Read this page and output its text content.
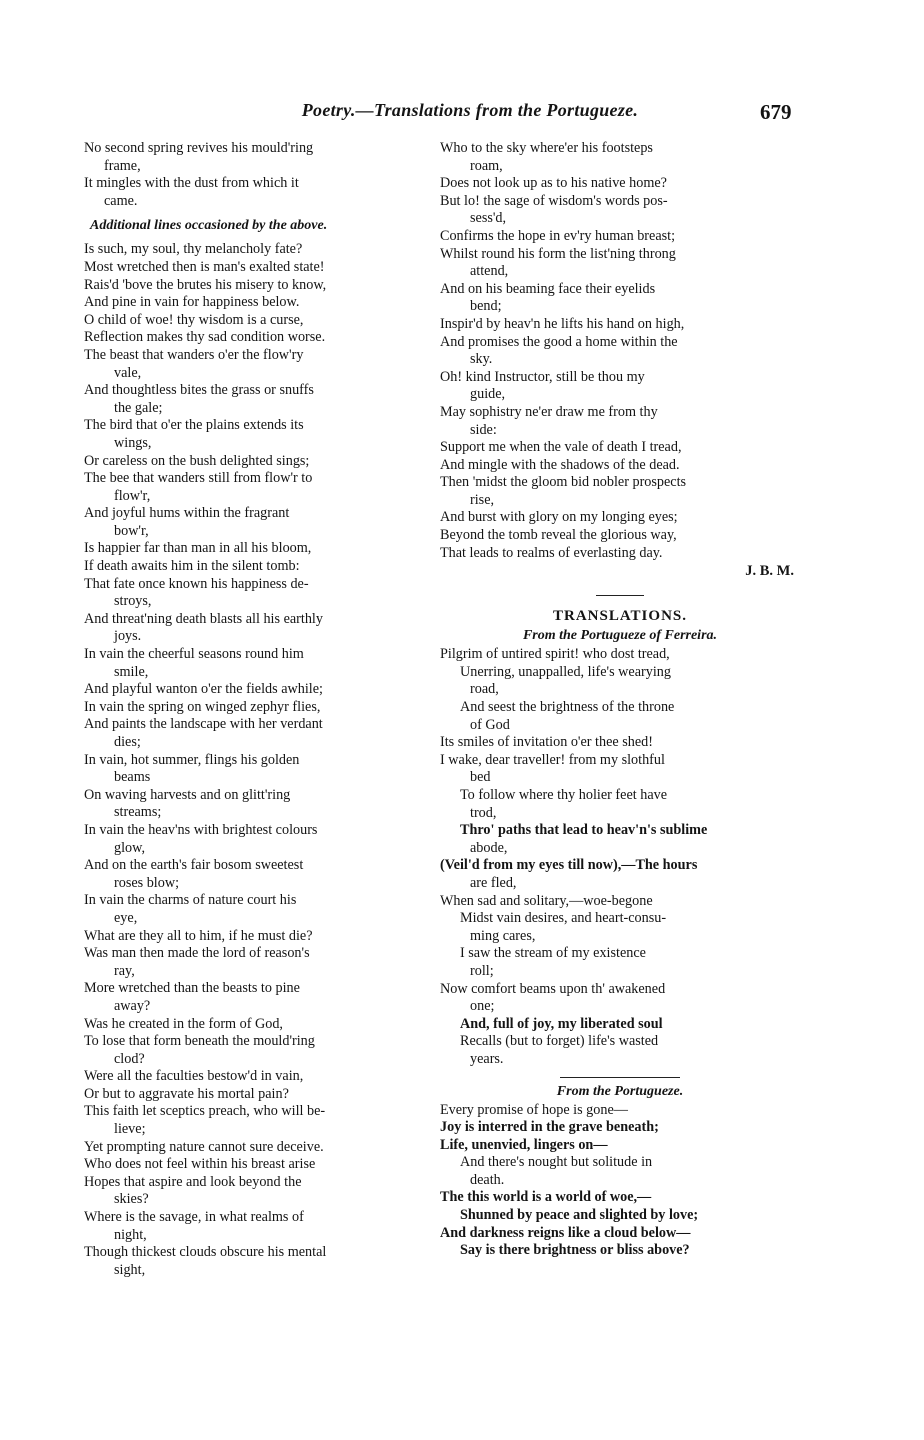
Poetry.—Translations from the Portugueze.	679
No second spring revives his mould'ring
frame,
It mingles with the dust from which it
came.
Additional lines occasioned by the above.
Is such, my soul, thy melancholy fate?
Most wretched then is man's exalted state!
Rais'd 'bove the brutes his misery to know,
And pine in vain for happiness below.
O child of woe! thy wisdom is a curse,
Reflection makes thy sad condition worse.
The beast that wanders o'er the flow'ry
vale,
And thoughtless bites the grass or snuffs
the gale;
The bird that o'er the plains extends its
wings,
Or careless on the bush delighted sings;
The bee that wanders still from flow'r to
flow'r,
And joyful hums within the fragrant
bow'r,
Is happier far than man in all his bloom,
If death awaits him in the silent tomb:
That fate once known his happiness de-
stroys,
And threat'ning death blasts all his earthly
joys.
In vain the cheerful seasons round him
smile,
And playful wanton o'er the fields awhile;
In vain the spring on winged zephyr flies,
And paints the landscape with her verdant
dies;
In vain, hot summer, flings his golden
beams
On waving harvests and on glitt'ring
streams;
In vain the heav'ns with brightest colours
glow,
And on the earth's fair bosom sweetest
roses blow;
In vain the charms of nature court his
eye,
What are they all to him, if he must die?
Was man then made the lord of reason's
ray,
More wretched than the beasts to pine
away?
Was he created in the form of God,
To lose that form beneath the mould'ring
clod?
Were all the faculties bestow'd in vain,
Or but to aggravate his mortal pain?
This faith let sceptics preach, who will be-
lieve;
Yet prompting nature cannot sure deceive.
Who does not feel within his breast arise
Hopes that aspire and look beyond the
skies?
Where is the savage, in what realms of
night,
Though thickest clouds obscure his mental
sight,
Who to the sky where'er his footsteps
roam,
Does not look up as to his native home?
But lo! the sage of wisdom's words pos-
sess'd,
Confirms the hope in ev'ry human breast;
Whilst round his form the list'ning throng
attend,
And on his beaming face their eyelids
bend;
Inspir'd by heav'n he lifts his hand on high,
And promises the good a home within the
sky.
Oh! kind Instructor, still be thou my
guide,
May sophistry ne'er draw me from thy
side:
Support me when the vale of death I tread,
And mingle with the shadows of the dead.
Then 'midst the gloom bid nobler prospects
rise,
And burst with glory on my longing eyes;
Beyond the tomb reveal the glorious way,
That leads to realms of everlasting day.
J. B. M.
TRANSLATIONS.
From the Portugueze of Ferreira.
Pilgrim of untired spirit! who dost tread,
Unerring, unappalled, life's wearying
road,
And seest the brightness of the throne
of God
Its smiles of invitation o'er thee shed!
I wake, dear traveller! from my slothful
bed
To follow where thy holier feet have
trod,
Thro' paths that lead to heav'n's sublime
abode,
(Veil'd from my eyes till now),—The hours
are fled,
When sad and solitary,—woe-begone
Midst vain desires, and heart-consu-
ming cares,
I saw the stream of my existence
roll;
Now comfort beams upon th' awakened
one;
And, full of joy, my liberated soul
Recalls (but to forget) life's wasted
years.
From the Portugueze.
Every promise of hope is gone—
Joy is interred in the grave beneath;
Life, unenvied, lingers on—
And there's nought but solitude in
death.
The this world is a world of woe,—
Shunned by peace and slighted by love;
And darkness reigns like a cloud below—
Say is there brightness or bliss above?
